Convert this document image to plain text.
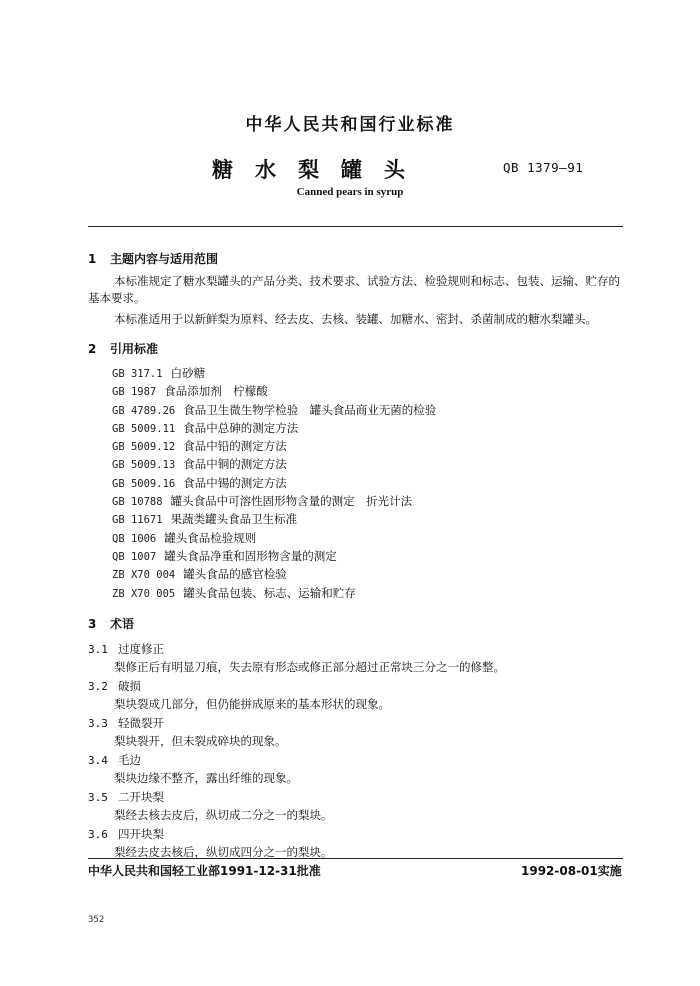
中华人民共和国行业标准
糖水梨罐头	QB 1379—91
Canned pears in syrup
1 主题内容与适用范围
本标准规定了糖水梨罐头的产品分类、技术要求、试验方法、检验规则和标志、包装、运输、贮存的基本要求。
本标准适用于以新鲜梨为原料、经去皮、去核、装罐、加糖水、密封、杀菌制成的糖水梨罐头。
2 引用标准
GB 317.1 白砂糖
GB 1987 食品添加剂　柠檬酸
GB 4789.26 食品卫生微生物学检验　罐头食品商业无菌的检验
GB 5009.11 食品中总砷的测定方法
GB 5009.12 食品中铅的测定方法
GB 5009.13 食品中铜的测定方法
GB 5009.16 食品中锡的测定方法
GB 10788 罐头食品中可溶性固形物含量的测定　折光计法
GB 11671 果蔬类罐头食品卫生标准
QB 1006 罐头食品检验规则
QB 1007 罐头食品净重和固形物含量的测定
ZB X70 004 罐头食品的感官检验
ZB X70 005 罐头食品包装、标志、运输和贮存
3 术语
3.1 过度修正
梨修正后有明显刀痕，失去原有形态或修正部分超过正常块三分之一的修整。
3.2 破损
梨块裂成几部分，但仍能拼成原来的基本形状的现象。
3.3 轻微裂开
梨块裂开，但未裂成碎块的现象。
3.4 毛边
梨块边缘不整齐，露出纤维的现象。
3.5 二开块梨
梨经去核去皮后，纵切成二分之一的梨块。
3.6 四开块梨
梨经去皮去核后，纵切成四分之一的梨块。
中华人民共和国轻工业部1991-12-31批准	1992-08-01实施
352
